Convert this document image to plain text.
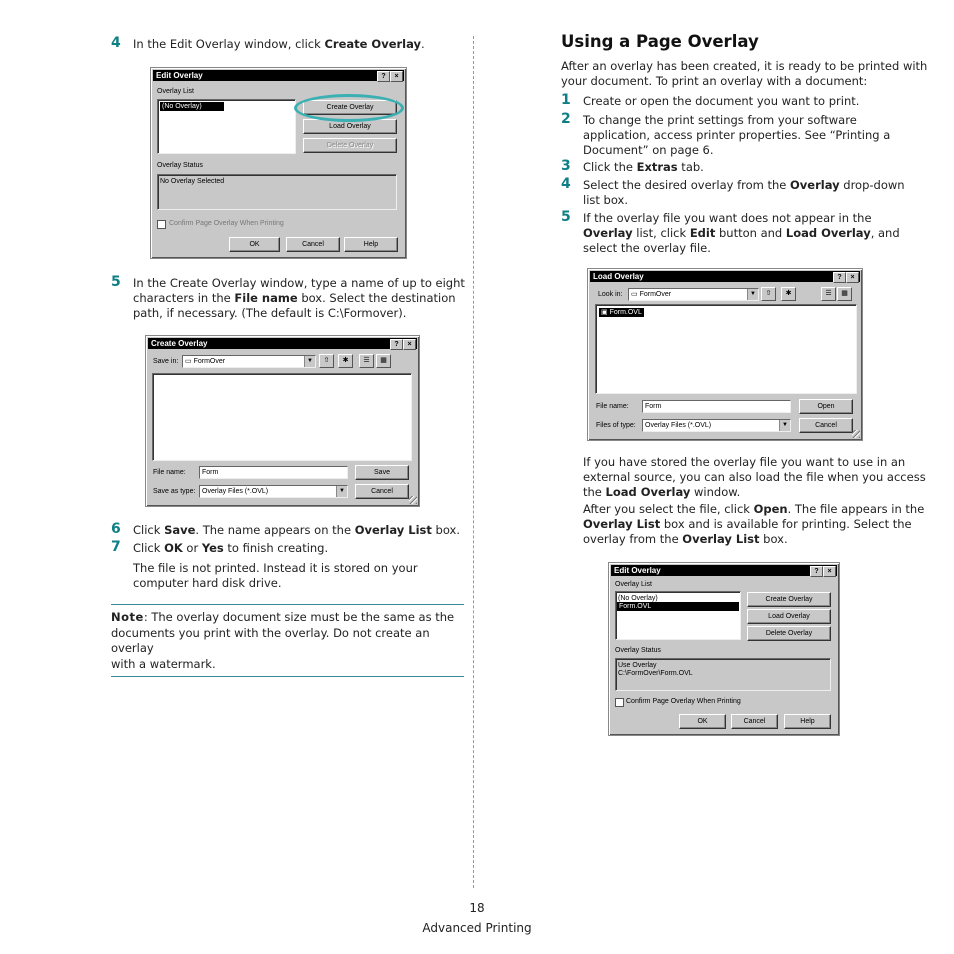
4 In the Edit Overlay window, click Create Overlay.
Edit Overlay	?	×
Overlay List
(No Overlay)	Create Overlay
Load Overlay
Delete Overlay
Overlay Status
No Overlay Selected
Confirm Page Overlay When Printing
OK	Cancel	Help
5 In the Create Overlay window, type a name of up to eight
characters in the File name box. Select the destination
path, if necessary. (The default is C:\Formover).
Create Overlay	?	×
Save in: ▭ FormOver	▼	⇧	✱	☰	▦
File name:	Form	Save
Save as type: Overlay Files (*.OVL)	▼	Cancel
6 Click Save. The name appears on the Overlay List box.
7 Click OK or Yes to finish creating.
The file is not printed. Instead it is stored on your
computer hard disk drive.
Note: The overlay document size must be the same as the
documents you print with the overlay. Do not create an overlay
with a watermark.
Using a Page Overlay
After an overlay has been created, it is ready to be printed with
your document. To print an overlay with a document:
1 Create or open the document you want to print.
2 To change the print settings from your software
application, access printer properties. See “Printing a
Document” on page 6.
3 Click the Extras tab.
4 Select the desired overlay from the Overlay drop-down
list box.
5 If the overlay file you want does not appear in the
Overlay list, click Edit button and Load Overlay, and
select the overlay file.
Load Overlay	?	×
Look in:	▭ FormOver	▼	⇧	✱	☰	▦
▣ Form.OVL
File name:	Form	Open
Files of type:	Overlay Files (*.OVL)	▼	Cancel
If you have stored the overlay file you want to use in an
external source, you can also load the file when you access
the Load Overlay window.
After you select the file, click Open. The file appears in the
Overlay List box and is available for printing. Select the
overlay from the Overlay List box.
Edit Overlay	?	×
Overlay List
(No Overlay)
Form.OVL
Create Overlay
Load Overlay
Delete Overlay
Overlay Status
Use Overlay
C:\FormOver\Form.OVL
Confirm Page Overlay When Printing
OK	Cancel	Help
18
Advanced Printing
